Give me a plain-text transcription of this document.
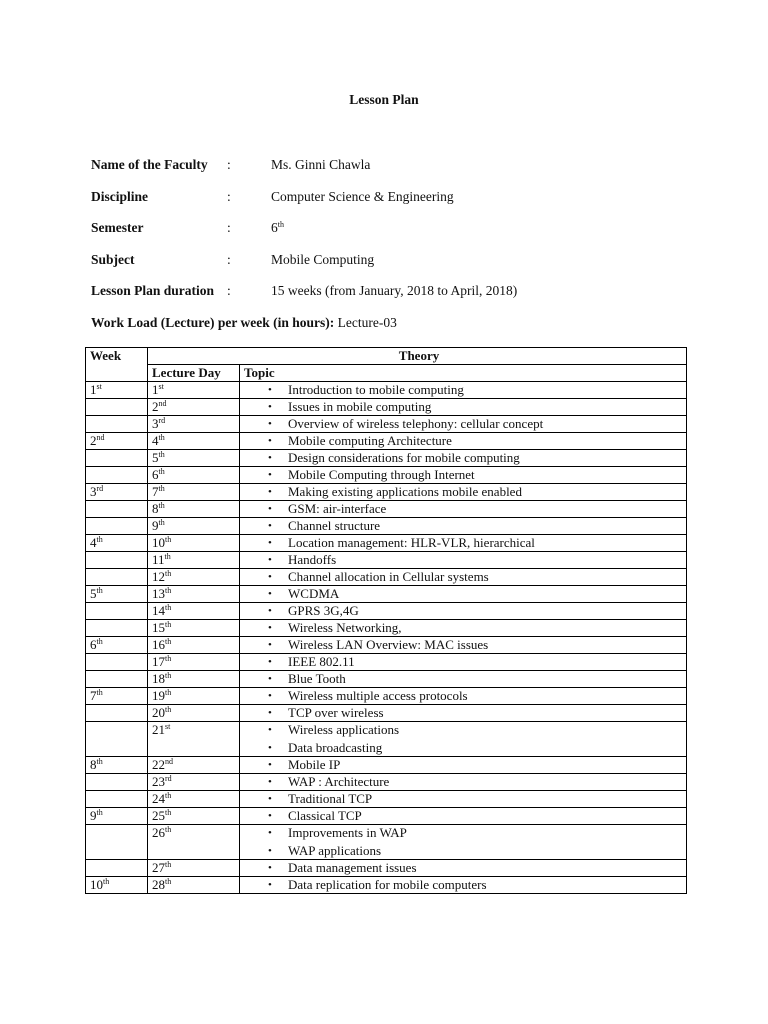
Lesson Plan
Name of the Faculty :	Ms. Ginni Chawla
Discipline	:	Computer Science & Engineering
Semester	:	6th
Subject	:	Mobile Computing
Lesson Plan duration :	15 weeks (from January, 2018 to April, 2018)
Work Load (Lecture) per week (in hours): Lecture-03
Week	Theory	
	Lecture Day	Topic
1st	1st	• Introduction to mobile computing

	2nd	• Issues in mobile computing

	3rd	• Overview of wireless telephony: cellular concept

2nd	4th	• Mobile computing Architecture

	5th	• Design considerations for mobile computing

	6th	• Mobile Computing through Internet

3rd	7th	• Making existing applications mobile enabled

	8th	• GSM: air-interface

	9th	• Channel structure

4th	10th	• Location management: HLR-VLR, hierarchical

	11th	• Handoffs

	12th	• Channel allocation in Cellular systems

5th	13th	• WCDMA

	14th	• GPRS 3G,4G

	15th	• Wireless Networking,

6th	16th	• Wireless LAN Overview: MAC issues

	17th	• IEEE 802.11

	18th	• Blue Tooth

7th	19th	• Wireless multiple access protocols

	20th	• TCP over wireless

	21st	• Wireless applications
• Data broadcasting

8th	22nd	• Mobile IP

	23rd	• WAP : Architecture

	24th	• Traditional TCP

9th	25th	• Classical TCP

	26th	• Improvements in WAP
• WAP applications

	27th	• Data management issues

10th	28th	• Data replication for mobile computers
